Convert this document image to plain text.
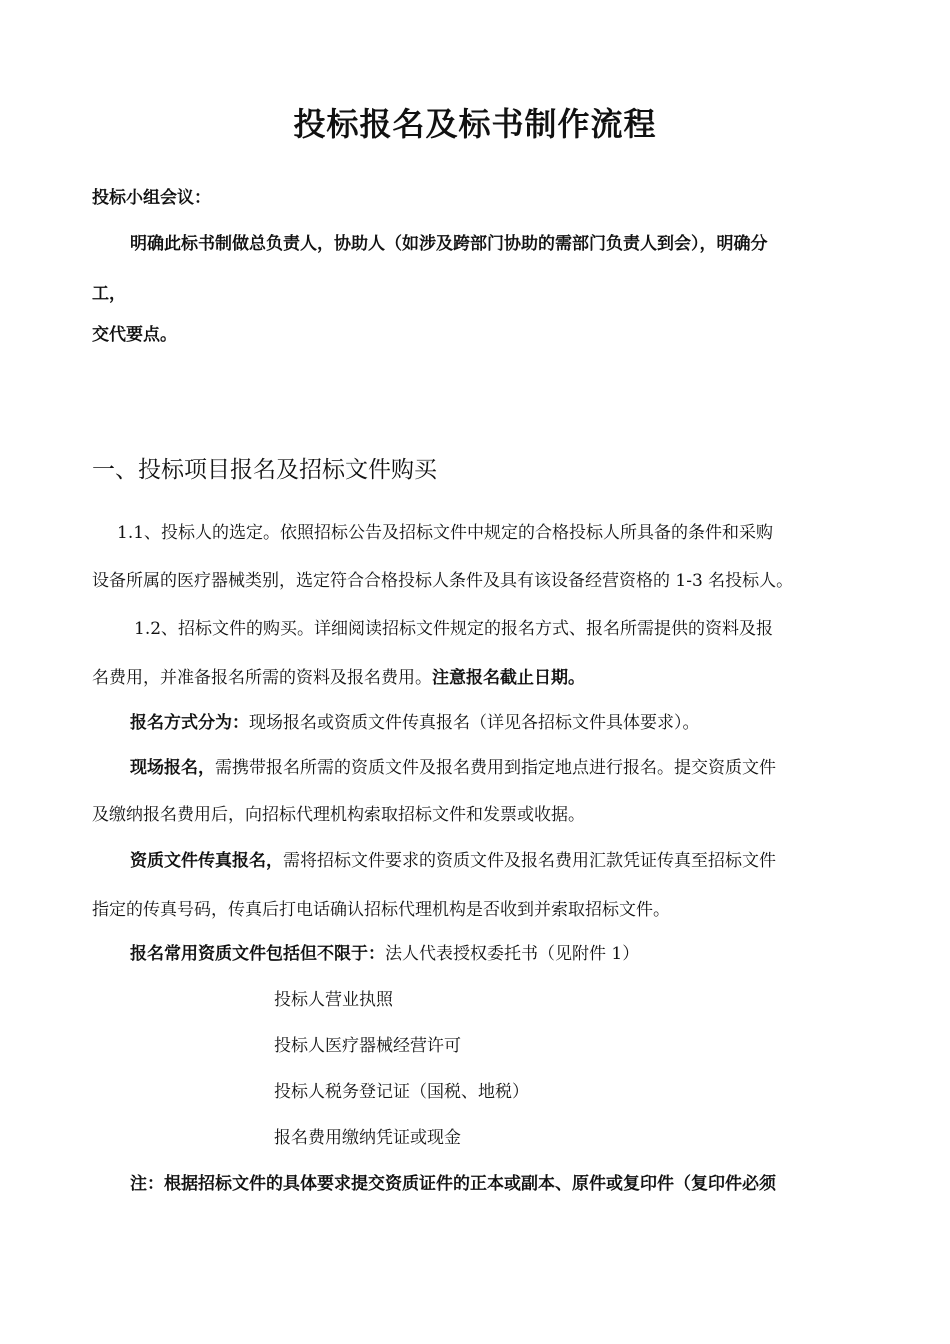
投标报名及标书制作流程
投标小组会议：
明确此标书制做总负责人，协助人（如涉及跨部门协助的需部门负责人到会），明确分
工，
交代要点。
一、投标项目报名及招标文件购买
1.1、投标人的选定。依照招标公告及招标文件中规定的合格投标人所具备的条件和采购
设备所属的医疗器械类别，选定符合合格投标人条件及具有该设备经营资格的 1-3 名投标人。
1.2、招标文件的购买。详细阅读招标文件规定的报名方式、报名所需提供的资料及报
名费用，并准备报名所需的资料及报名费用。注意报名截止日期。
报名方式分为：现场报名或资质文件传真报名（详见各招标文件具体要求）。
现场报名，需携带报名所需的资质文件及报名费用到指定地点进行报名。提交资质文件
及缴纳报名费用后，向招标代理机构索取招标文件和发票或收据。
资质文件传真报名，需将招标文件要求的资质文件及报名费用汇款凭证传真至招标文件
指定的传真号码，传真后打电话确认招标代理机构是否收到并索取招标文件。
报名常用资质文件包括但不限于：法人代表授权委托书（见附件 1）
投标人营业执照
投标人医疗器械经营许可
投标人税务登记证（国税、地税）
报名费用缴纳凭证或现金
注：根据招标文件的具体要求提交资质证件的正本或副本、原件或复印件（复印件必须
